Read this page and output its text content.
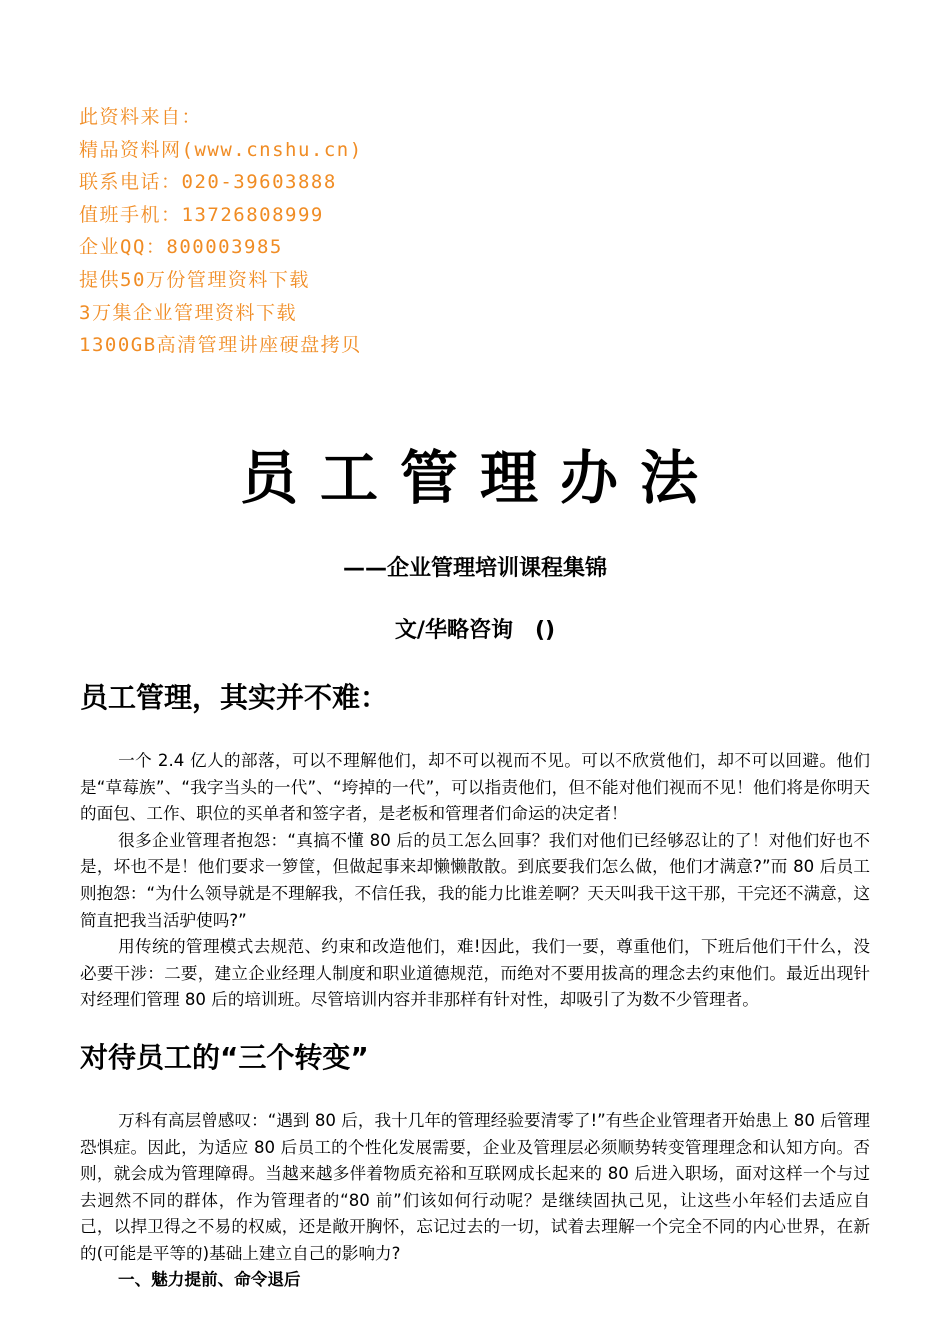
此资料来自：
精品资料网(www.cnshu.cn)
联系电话：020-39603888
值班手机：13726808999
企业QQ：800003985
提供50万份管理资料下载
3万集企业管理资料下载
1300GB高清管理讲座硬盘拷贝
员工管理办法
——企业管理培训课程集锦
文/华略咨询　()
员工管理，其实并不难：

一个 2.4 亿人的部落，可以不理解他们，却不可以视而不见。可以不欣赏他们，却不可以回避。他们是“草莓族”、“我字当头的一代”、“垮掉的一代”，可以指责他们，但不能对他们视而不见！他们将是你明天的面包、工作、职位的买单者和签字者，是老板和管理者们命运的决定者！

很多企业管理者抱怨：“真搞不懂 80 后的员工怎么回事？我们对他们已经够忍让的了！对他们好也不是，坏也不是！他们要求一箩筐，但做起事来却懒懒散散。到底要我们怎么做，他们才满意?”而 80 后员工则抱怨：“为什么领导就是不理解我，不信任我，我的能力比谁差啊？天天叫我干这干那，干完还不满意，这简直把我当活驴使吗?”

用传统的管理模式去规范、约束和改造他们，难!因此，我们一要，尊重他们，下班后他们干什么，没必要干涉：二要，建立企业经理人制度和职业道德规范，而绝对不要用拔高的理念去约束他们。最近出现针对经理们管理 80 后的培训班。尽管培训内容并非那样有针对性，却吸引了为数不少管理者。

对待员工的“三个转变”

万科有高层曾感叹：“遇到 80 后，我十几年的管理经验要清零了!”有些企业管理者开始患上 80 后管理恐惧症。因此，为适应 80 后员工的个性化发展需要，企业及管理层必须顺势转变管理理念和认知方向。否则，就会成为管理障碍。当越来越多伴着物质充裕和互联网成长起来的 80 后进入职场，面对这样一个与过去迥然不同的群体，作为管理者的“80 前”们该如何行动呢？是继续固执己见，让这些小年轻们去适应自己，以捍卫得之不易的权威，还是敞开胸怀，忘记过去的一切，试着去理解一个完全不同的内心世界，在新的(可能是平等的)基础上建立自己的影响力?

一、魅力提前、命令退后
